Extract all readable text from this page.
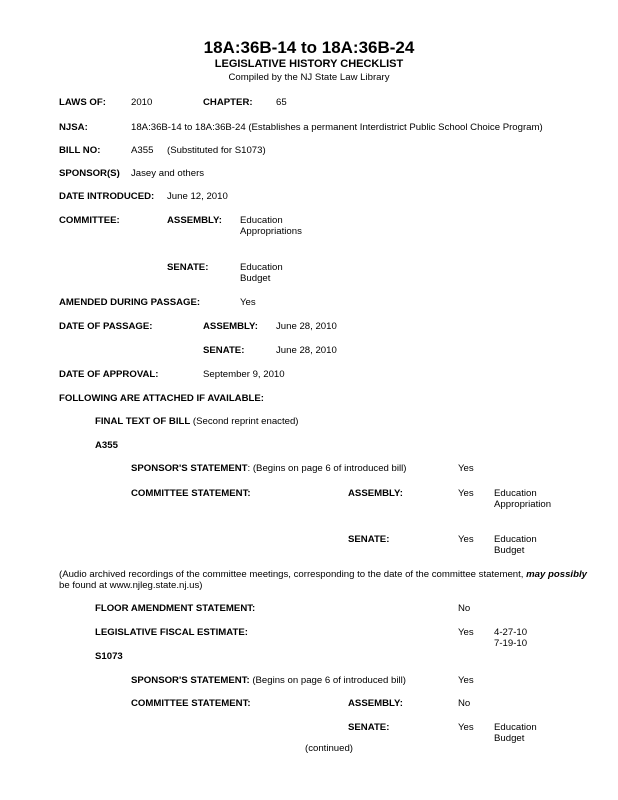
18A:36B-14 to 18A:36B-24
LEGISLATIVE HISTORY CHECKLIST
Compiled by the NJ State Law Library
LAWS OF:	2010	CHAPTER: 65
NJSA:	18A:36B-14 to 18A:36B-24 (Establishes a permanent Interdistrict Public School Choice Program)
BILL NO:	A355 (Substituted for S1073)
SPONSOR(S) Jasey and others
DATE INTRODUCED: June 12, 2010
COMMITTEE:	ASSEMBLY: Education
Appropriations
SENATE:	Education
Budget
AMENDED DURING PASSAGE:	Yes
DATE OF PASSAGE:	ASSEMBLY: June 28, 2010
SENATE:	June 28, 2010
DATE OF APPROVAL:	September 9, 2010
FOLLOWING ARE ATTACHED IF AVAILABLE:
FINAL TEXT OF BILL (Second reprint enacted)
A355
SPONSOR'S STATEMENT: (Begins on page 6 of introduced bill)	Yes
COMMITTEE STATEMENT:	ASSEMBLY:	Yes Education
Appropriation
SENATE:	Yes Education
Budget
(Audio archived recordings of the committee meetings, corresponding to the date of the committee statement, may possibly
be found at www.njleg.state.nj.us)
FLOOR AMENDMENT STATEMENT:	No
LEGISLATIVE FISCAL ESTIMATE:	Yes 4-27-10
7-19-10
S1073
SPONSOR'S STATEMENT: (Begins on page 6 of introduced bill)	Yes
COMMITTEE STATEMENT:	ASSEMBLY:	No
SENATE:	Yes Education
Budget
(continued)
